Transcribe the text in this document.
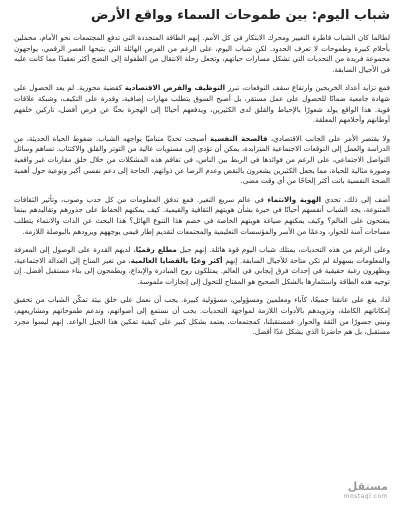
شباب اليوم: بين طموحات السماء وواقع الأرض

لطالما كان الشباب قاطرة التغيير ومحرك الابتكار في كل الأمم. إنهم الطاقة المتجددة التي تدفع المجتمعات نحو الأمام، محملين بأحلام كبيرة وطموحات لا تعرف الحدود. لكن شباب اليوم، على الرغم من الفرص الهائلة التي يتيحها العصر الرقمي، يواجهون مجموعة فريدة من التحديات التي تشكل مسارات حياتهم، وتجعل رحلة الانتقال من الطفولة إلى النضج أكثر تعقيدًا مما كانت عليه في الأجيال السابقة.

فمع تزايد أعداد الخريجين وارتفاع سقف التوقعات، تبرز التوظيف والفرص الاقتصادية كقضية محورية. لم يعد الحصول على شهادة جامعية ضمانًا للحصول على عمل مستقر، بل أصبح السوق يتطلب مهارات إضافية، وقدرة على التكيف، وشبكة علاقات قوية. هذا الواقع يولد شعورًا بالإحباط والقلق لدى الكثيرين، ويدفعهم أحيانًا إلى الهجرة بحثًا عن فرص أفضل، تاركين خلفهم أوطانهم وأحلامهم المعلقة.

ولا يقتصر الأمر على الجانب الاقتصادي، فالصحة النفسية أصبحت تحديًا متناميًا يواجهه الشباب. ضغوط الحياة الحديثة، من الدراسة والعمل إلى التوقعات الاجتماعية المتزايدة، يمكن أن تؤدي إلى مستويات عالية من التوتر والقلق والاكتئاب. تساهم وسائل التواصل الاجتماعي، على الرغم من فوائدها في الربط بين الناس، في تفاقم هذه المشكلات من خلال خلق مقارنات غير واقعية وصورة مثالية للحياة، مما يجعل الكثيرين يشعرون بالنقص وعدم الرضا عن ذواتهم. الحاجة إلى دعم نفسي أكبر وتوعية حول أهمية الصحة النفسية باتت أكثر إلحاحًا من أي وقت مضى.

أضف إلى ذلك، تحدي الهوية والانتماء في عالم سريع التغير. فمع تدفق المعلومات من كل حدب وصوب، وتأثير الثقافات المتنوعة، يجد الشباب أنفسهم أحيانًا في حيرة بشأن هويتهم الثقافية والقيمية. كيف يمكنهم الحفاظ على جذورهم وتقاليدهم بينما ينفتحون على العالم؟ وكيف يمكنهم صياغة هويتهم الخاصة في خضم هذا التنوع الهائل؟ هذا البحث عن الذات والانتماء يتطلب مساحات آمنة للحوار، ودعمًا من الأسر والمؤسسات التعليمية والمجتمعات لتقديم إطار قيمي يوجههم ويزودهم بالبوصلة اللازمة.

وعلى الرغم من هذه التحديات، يمتلك شباب اليوم قوة هائلة. إنهم جيل مطلع رقميًا، لديهم القدرة على الوصول إلى المعرفة والمعلومات بسهولة لم تكن متاحة للأجيال السابقة. إنهم أكثر وعيًا بالقضايا العالمية، من تغير المناخ إلى العدالة الاجتماعية، ويظهرون رغبة حقيقية في إحداث فرق إيجابي في العالم. يمتلكون روح المبادرة والإبداع، ويطمحون إلى بناء مستقبل أفضل. إن توجيه هذه الطاقة واستثمارها بالشكل الصحيح هو المفتاح للتحول إلى إنجازات ملموسة.

لذا، يقع على عاتقنا جميعًا، كآباء ومعلمين ومسؤولين، مسؤولية كبيرة. يجب أن نعمل على خلق بيئة تمكّن الشباب من تحقيق إمكاناتهم الكاملة، وتزويدهم بالأدوات اللازمة لمواجهة التحديات. يجب أن نستمع إلى أصواتهم، وندعم طموحاتهم ومشاريعهم، ونبني جسورًا من الثقة والحوار. فمستقبلنا، كمجتمعات، يعتمد بشكل كبير على كيفية تمكين هذا الجيل الواعد. إنهم ليسوا مجرد مستقبل، بل هم حاضرنا الذي يشكل غدًا أفضل.

مستقل
mostaql.com
